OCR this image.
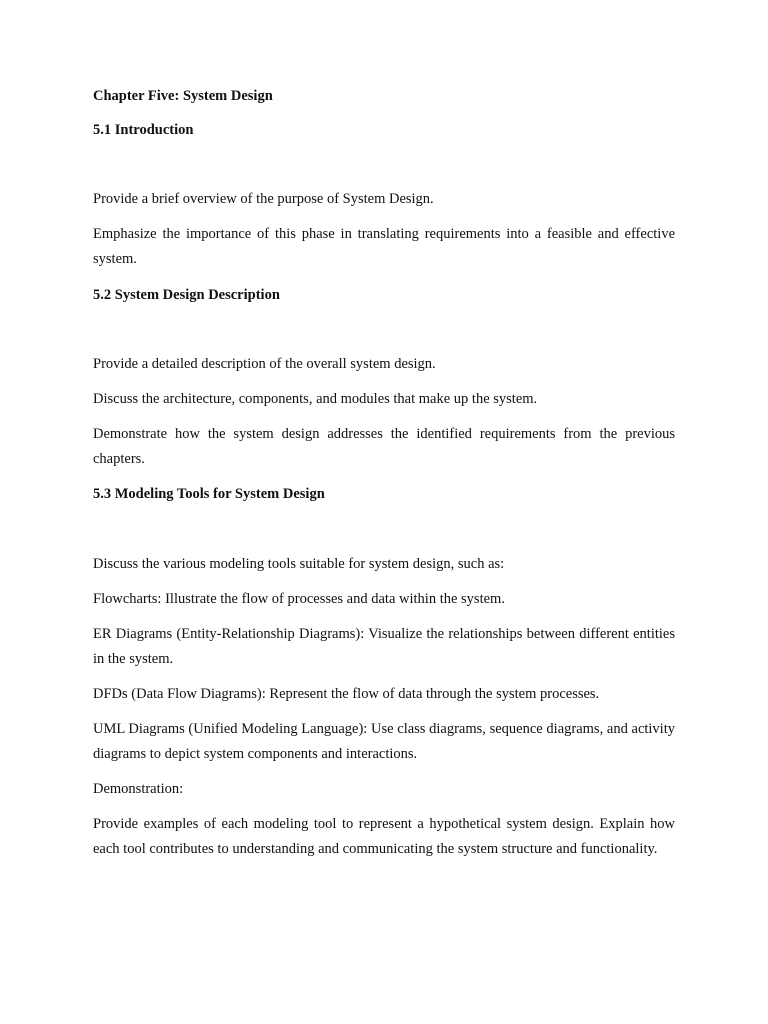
Chapter Five: System Design

5.1 Introduction

Provide a brief overview of the purpose of System Design.

Emphasize the importance of this phase in translating requirements into a feasible and effective system.

5.2 System Design Description

Provide a detailed description of the overall system design.

Discuss the architecture, components, and modules that make up the system.

Demonstrate how the system design addresses the identified requirements from the previous chapters.

5.3 Modeling Tools for System Design

Discuss the various modeling tools suitable for system design, such as:

Flowcharts: Illustrate the flow of processes and data within the system.

ER Diagrams (Entity-Relationship Diagrams): Visualize the relationships between different entities in the system.

DFDs (Data Flow Diagrams): Represent the flow of data through the system processes.

UML Diagrams (Unified Modeling Language): Use class diagrams, sequence diagrams, and activity diagrams to depict system components and interactions.

Demonstration:

Provide examples of each modeling tool to represent a hypothetical system design. Explain how each tool contributes to understanding and communicating the system structure and functionality.
